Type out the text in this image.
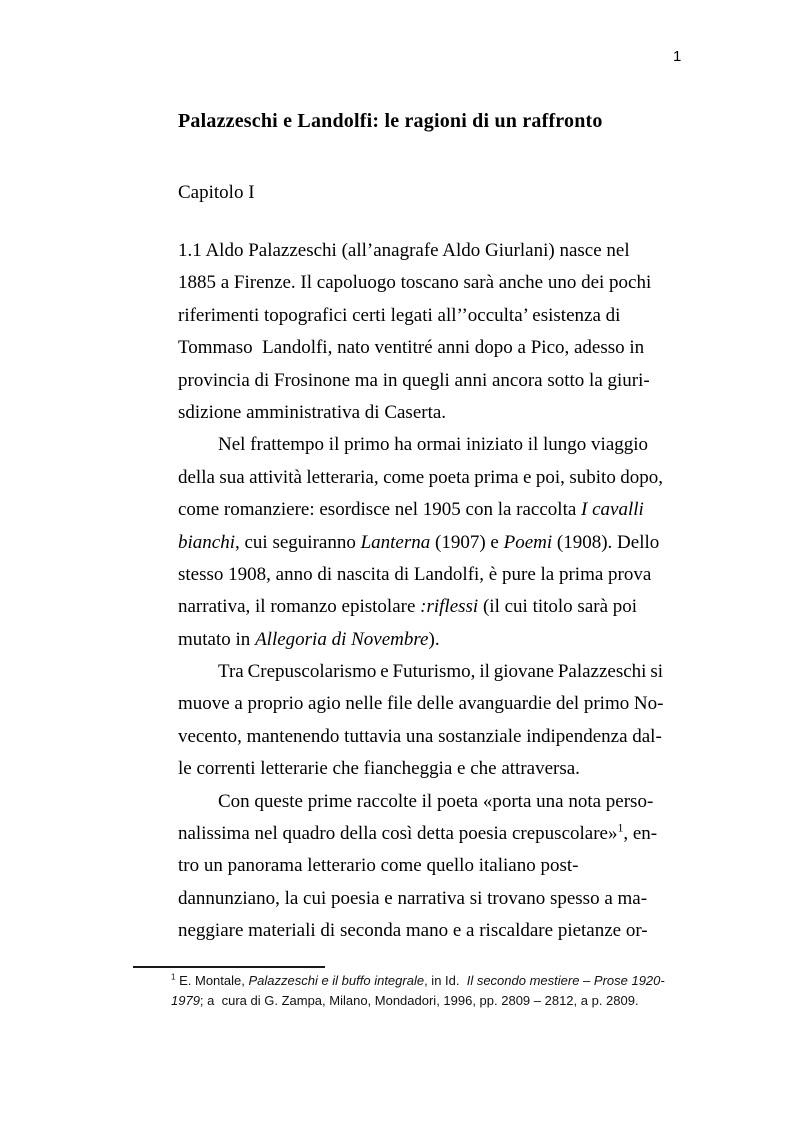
1
Palazzeschi e Landolfi: le ragioni di un raffronto
Capitolo I
1.1 Aldo Palazzeschi (all’anagrafe Aldo Giurlani) nasce nel
1885 a Firenze. Il capoluogo toscano sarà anche uno dei pochi
riferimenti topografici certi legati all’’occulta’ esistenza di
Tommaso  Landolfi, nato ventitré anni dopo a Pico, adesso in
provincia di Frosinone ma in quegli anni ancora sotto la giuri-
sdizione amministrativa di Caserta.
Nel frattempo il primo ha ormai iniziato il lungo viaggio
della sua attività letteraria, come poeta prima e poi, subito dopo,
come romanziere: esordisce nel 1905 con la raccolta I cavalli
bianchi, cui seguiranno Lanterna (1907) e Poemi (1908). Dello
stesso 1908, anno di nascita di Landolfi, è pure la prima prova
narrativa, il romanzo epistolare :riflessi (il cui titolo sarà poi
mutato in Allegoria di Novembre).
Tra Crepuscolarismo e Futurismo, il giovane Palazzeschi si
muove a proprio agio nelle file delle avanguardie del primo No-
vecento, mantenendo tuttavia una sostanziale indipendenza dal-
le correnti letterarie che fiancheggia e che attraversa.
Con queste prime raccolte il poeta «porta una nota perso-
nalissima nel quadro della così detta poesia crepuscolare»$^1$, en-
tro un panorama letterario come quello italiano post-
dannunziano, la cui poesia e narrativa si trovano spesso a ma-
neggiare materiali di seconda mano e a riscaldare pietanze or-
$^1$ E. Montale, Palazzeschi e il buffo integrale, in Id.  Il secondo mestiere – Prose 1920-
1979; a  cura di G. Zampa, Milano, Mondadori, 1996, pp. 2809 – 2812, a p. 2809.
